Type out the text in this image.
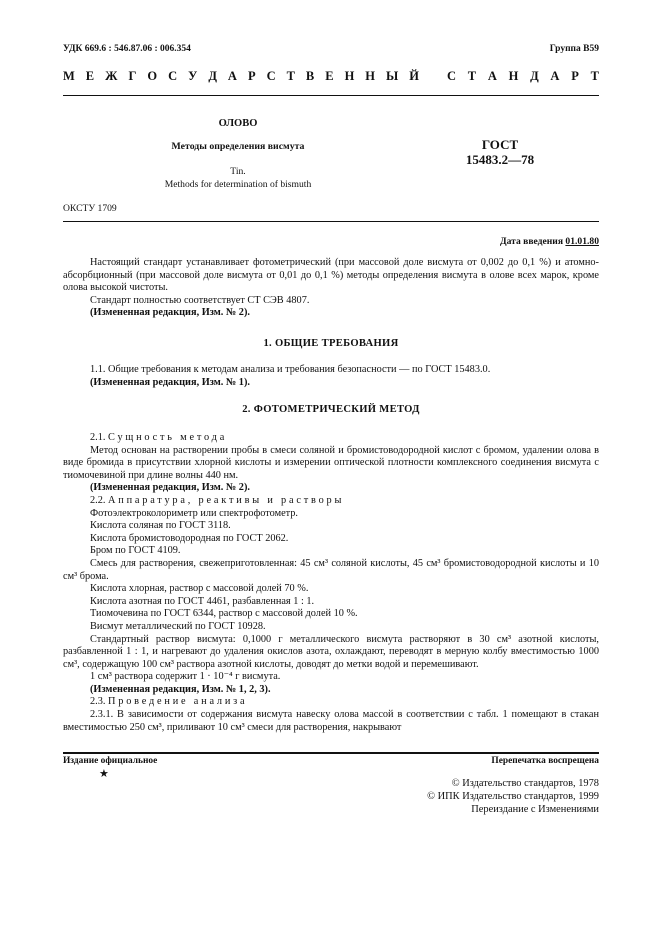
УДК 669.6 : 546.87.06 : 006.354	Группа В59
М Е Ж Г О С У Д А Р С Т В Е Н Н Ы Й С Т А Н Д А Р Т
ОЛОВО
Методы определения висмута
Tin.
Methods for determination of bismuth
ГОСТ
15483.2—78
ОКСТУ 1709
Дата введения 01.01.80

Настоящий стандарт устанавливает фотометрический (при массовой доле висмута от 0,002 до 0,1 %) и атомно-абсорбционный (при массовой доле висмута от 0,01 до 0,1 %) методы определения висмута в олове всех марок, кроме олова высокой чистоты.

Стандарт полностью соответствует СТ СЭВ 4807.

(Измененная редакция, Изм. № 2).

1. ОБЩИЕ ТРЕБОВАНИЯ

1.1. Общие требования к методам анализа и требования безопасности — по ГОСТ 15483.0.

(Измененная редакция, Изм. № 1).

2. ФОТОМЕТРИЧЕСКИЙ МЕТОД

2.1. Сущность метода

Метод основан на растворении пробы в смеси соляной и бромистоводородной кислот с бромом, удалении олова в виде бромида в присутствии хлорной кислоты и измерении оптической плотности комплексного соединения висмута с тиомочевиной при длине волны 440 нм.

(Измененная редакция, Изм. № 2).

2.2. Аппаратура, реактивы и растворы

Фотоэлектроколориметр или спектрофотометр.

Кислота соляная по ГОСТ 3118.

Кислота бромистоводородная по ГОСТ 2062.

Бром по ГОСТ 4109.

Смесь для растворения, свежеприготовленная: 45 см³ соляной кислоты, 45 см³ бромистоводородной кислоты и 10 см³ брома.

Кислота хлорная, раствор с массовой долей 70 %.

Кислота азотная по ГОСТ 4461, разбавленная 1 : 1.

Тиомочевина по ГОСТ 6344, раствор с массовой долей 10 %.

Висмут металлический по ГОСТ 10928.

Стандартный раствор висмута: 0,1000 г металлического висмута растворяют в 30 см³ азотной кислоты, разбавленной 1 : 1, и нагревают до удаления окислов азота, охлаждают, переводят в мерную колбу вместимостью 1000 см³, содержащую 100 см³ раствора азотной кислоты, доводят до метки водой и перемешивают.

1 см³ раствора содержит 1 · 10⁻⁴ г висмута.

(Измененная редакция, Изм. № 1, 2, 3).

2.3. Проведение анализа

2.3.1. В зависимости от содержания висмута навеску олова массой в соответствии с табл. 1 помещают в стакан вместимостью 250 см³, приливают 10 см³ смеси для растворения, накрывают

Издание официальное	Перепечатка воспрещена
★
© Издательство стандартов, 1978
© ИПК Издательство стандартов, 1999
Переиздание с Изменениями
